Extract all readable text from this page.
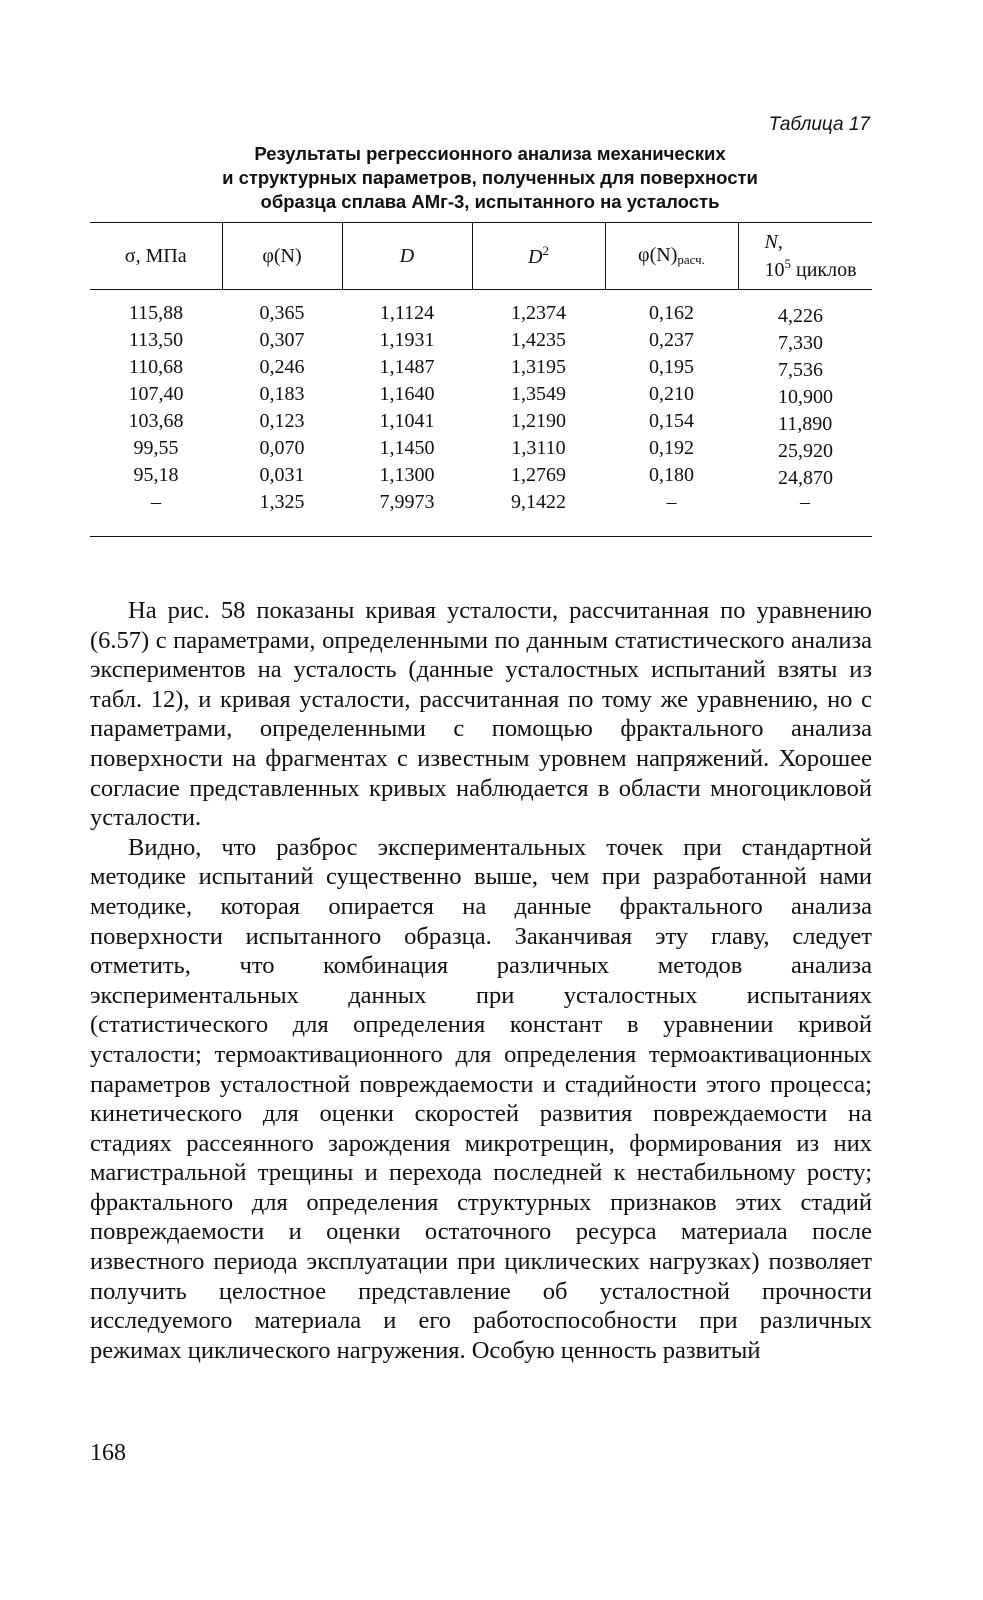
Таблица 17
Результаты регрессионного анализа механических
и структурных параметров, полученных для поверхности
образца сплава АМг-3, испытанного на усталость
σ, МПа	φ(N)	D	$D^2$	φ(N)расч.	N,
$10^5$ циклов

115,88	0,365	1,1124	1,2374	0,162	4,226
113,50	0,307	1,1931	1,4235	0,237	7,330
110,68	0,246	1,1487	1,3195	0,195	7,536
107,40	0,183	1,1640	1,3549	0,210	10,900
103,68	0,123	1,1041	1,2190	0,154	11,890
99,55	0,070	1,1450	1,3110	0,192	25,920
95,18	0,031	1,1300	1,2769	0,180	24,870
–	1,325	7,9973	9,1422	–	–

На рис. 58 показаны кривая усталости, рассчитанная по уравнению (6.57) с параметрами, определенными по данным статистического анализа экспериментов на усталость (данные усталостных испытаний взяты из табл. 12), и кривая усталости, рассчитанная по тому же уравнению, но с параметрами, определенными с помощью фрактального анализа поверхности на фрагментах с известным уровнем напряжений. Хорошее согласие представленных кривых наблюдается в области многоцикловой усталости.

Видно, что разброс экспериментальных точек при стандартной методике испытаний существенно выше, чем при разработанной нами методике, которая опирается на данные фрактального анализа поверхности испытанного образца. Заканчивая эту главу, следует отметить, что комбинация различных методов анализа экспериментальных данных при усталостных испытаниях (статистического для определения констант в уравнении кривой усталости; термоактивационного для определения термоактивационных параметров усталостной повреждаемости и стадийности этого процесса; кинетического для оценки скоростей развития повреждаемости на стадиях рассеянного зарождения микротрещин, формирования из них магистральной трещины и перехода последней к нестабильному росту; фрактального для определения структурных признаков этих стадий повреждаемости и оценки остаточного ресурса материала после известного периода эксплуатации при циклических нагрузках) позволяет получить целостное представление об усталостной прочности исследуемого материала и его работоспособности при различных режимах циклического нагружения. Особую ценность развитый

168
